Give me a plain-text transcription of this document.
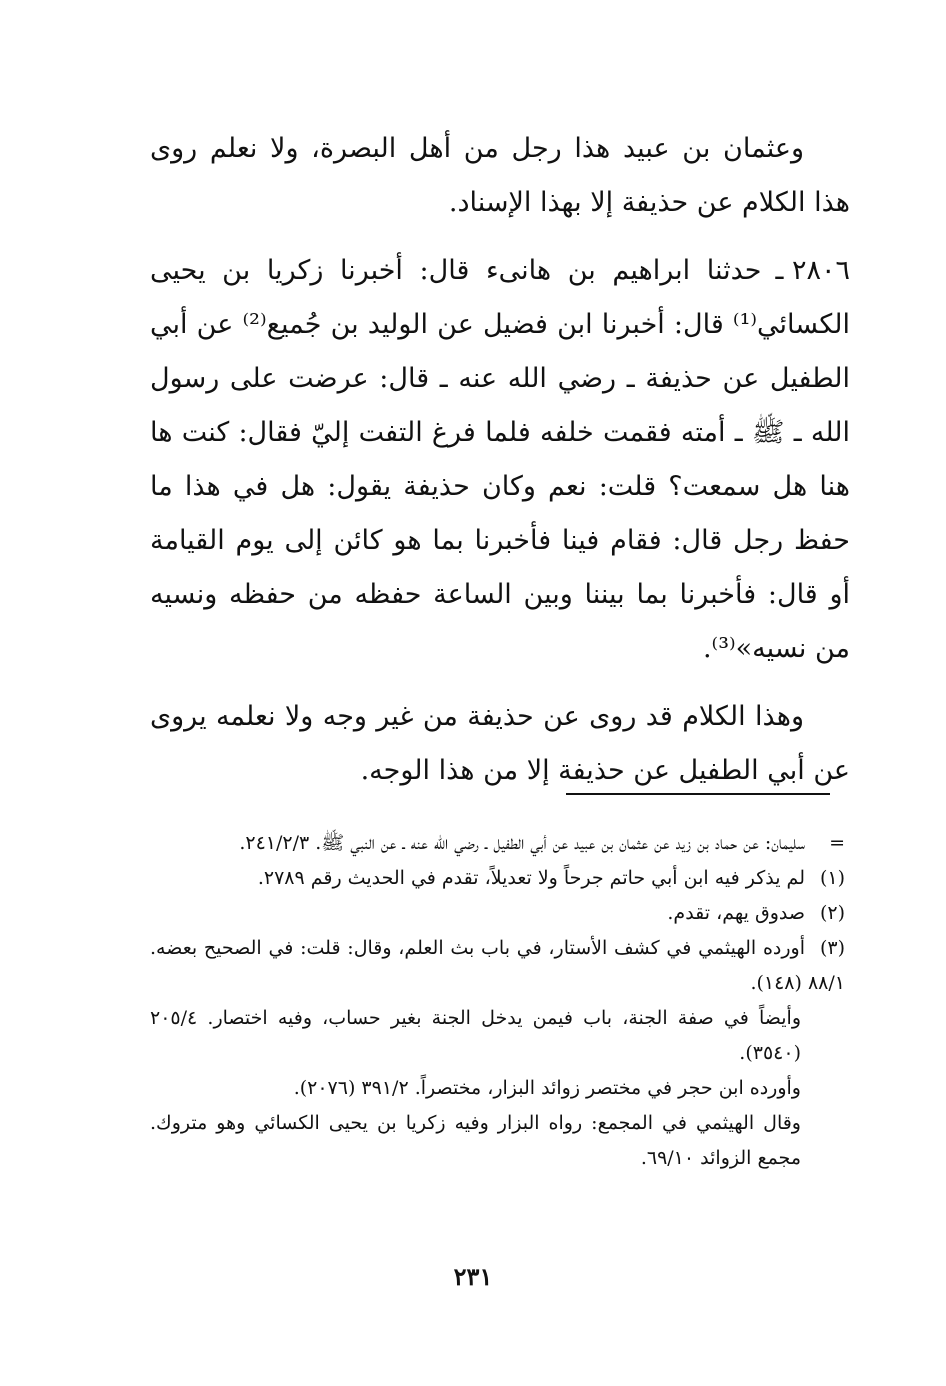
وعثمان بن عبيد هذا رجل من أهل البصرة، ولا نعلم روى هذا الكلام عن حذيفة إلا بهذا الإسناد.

٢٨٠٦ ـ
حدثنا ابراهيم بن هانىء قال: أخبرنا زكريا بن يحيى الكسائي⁽¹⁾ قال: أخبرنا ابن فضيل عن الوليد بن جُميع⁽²⁾ عن أبي الطفيل عن حذيفة ـ رضي الله عنه ـ قال: عرضت على رسول الله ـ ﷺ ـ أمته فقمت خلفه فلما فرغ التفت إليّ فقال: كنت ها هنا هل سمعت؟ قلت: نعم وكان حذيفة يقول: هل في هذا ما حفظ رجل قال: فقام فينا فأخبرنا بما هو كائن إلى يوم القيامة أو قال: فأخبرنا بما بيننا وبين الساعة حفظه من حفظه ونسيه من نسيه»⁽³⁾.

وهذا الكلام قد روى عن حذيفة من غير وجه ولا نعلمه يروى عن أبي الطفيل عن حذيفة إلا من هذا الوجه.

=سليمان: عن حماد بن زيد عن عثمان بن عبيد عن أبي الطفيل ـ رضي الله عنه ـ عن النبي ﷺ. ٢٤١/٢/٣.

(١)لم يذكر فيه ابن أبي حاتم جرحاً ولا تعديلاً، تقدم في الحديث رقم ٢٧٨٩.

(٢)صدوق يهم، تقدم.

(٣)أورده الهيثمي في كشف الأستار، في باب بث العلم، وقال: قلت: في الصحيح بعضه. ٨٨/١ (١٤٨).

وأيضاً في صفة الجنة، باب فيمن يدخل الجنة بغير حساب، وفيه اختصار. ٢٠٥/٤ (٣٥٤٠).

وأورده ابن حجر في مختصر زوائد البزار، مختصراً. ٣٩١/٢ (٢٠٧٦).

وقال الهيثمي في المجمع: رواه البزار وفيه زكريا بن يحيى الكسائي وهو متروك. مجمع الزوائد ٦٩/١٠.

٢٣١
